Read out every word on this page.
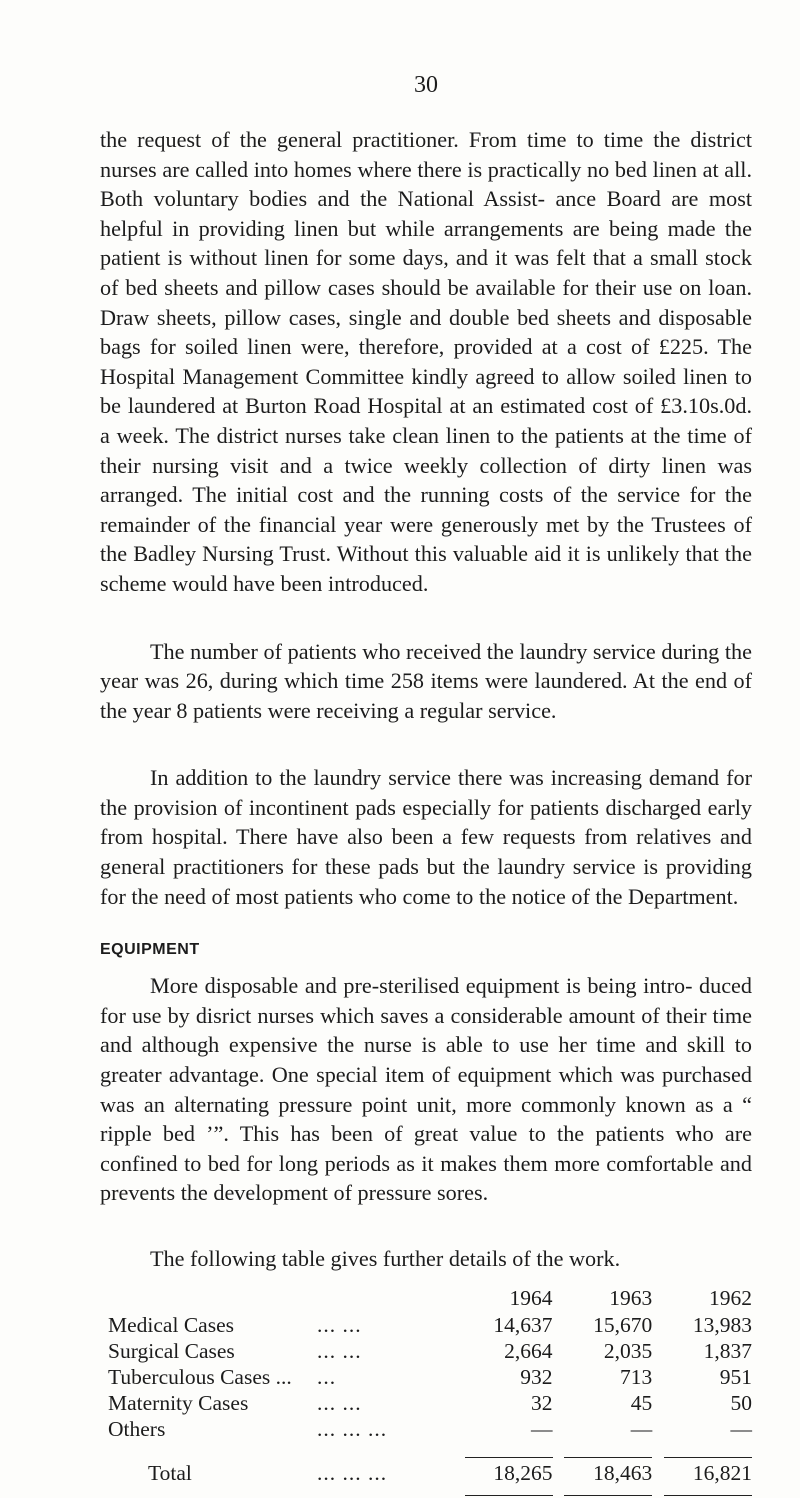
30

the request of the general practitioner. From time to time the district nurses are called into homes where there is practically no bed linen at all. Both voluntary bodies and the National Assist- ance Board are most helpful in providing linen but while arrangements are being made the patient is without linen for some days, and it was felt that a small stock of bed sheets and pillow cases should be available for their use on loan. Draw sheets, pillow cases, single and double bed sheets and disposable bags for soiled linen were, therefore, provided at a cost of £225. The Hospital Management Committee kindly agreed to allow soiled linen to be laundered at Burton Road Hospital at an estimated cost of £3.10s.0d. a week. The district nurses take clean linen to the patients at the time of their nursing visit and a twice weekly collection of dirty linen was arranged. The initial cost and the running costs of the service for the remainder of the financial year were generously met by the Trustees of the Badley Nursing Trust. Without this valuable aid it is unlikely that the scheme would have been introduced.

The number of patients who received the laundry service during the year was 26, during which time 258 items were laundered. At the end of the year 8 patients were receiving a regular service.

In addition to the laundry service there was increasing demand for the provision of incontinent pads especially for patients discharged early from hospital. There have also been a few requests from relatives and general practitioners for these pads but the laundry service is providing for the need of most patients who come to the notice of the Department.

EQUIPMENT

More disposable and pre-sterilised equipment is being intro- duced for use by disrict nurses which saves a considerable amount of their time and although expensive the nurse is able to use her time and skill to greater advantage. One special item of equipment which was purchased was an alternating pressure point unit, more commonly known as a “ ripple bed ’”. This has been of great value to the patients who are confined to bed for long periods as it makes them more comfortable and prevents the development of pressure sores.

The following table gives further details of the work.

		1964	1963	1962
Medical Cases	... ...	14,637	15,670	13,983
Surgical Cases	... ...	2,664	2,035	1,837
Tuberculous Cases ...	...	932	713	951
Maternity Cases	... ...	32	45	50
Others	... ... ...	—	—	—

Total	... ... ...	18,265	18,463	16,821
